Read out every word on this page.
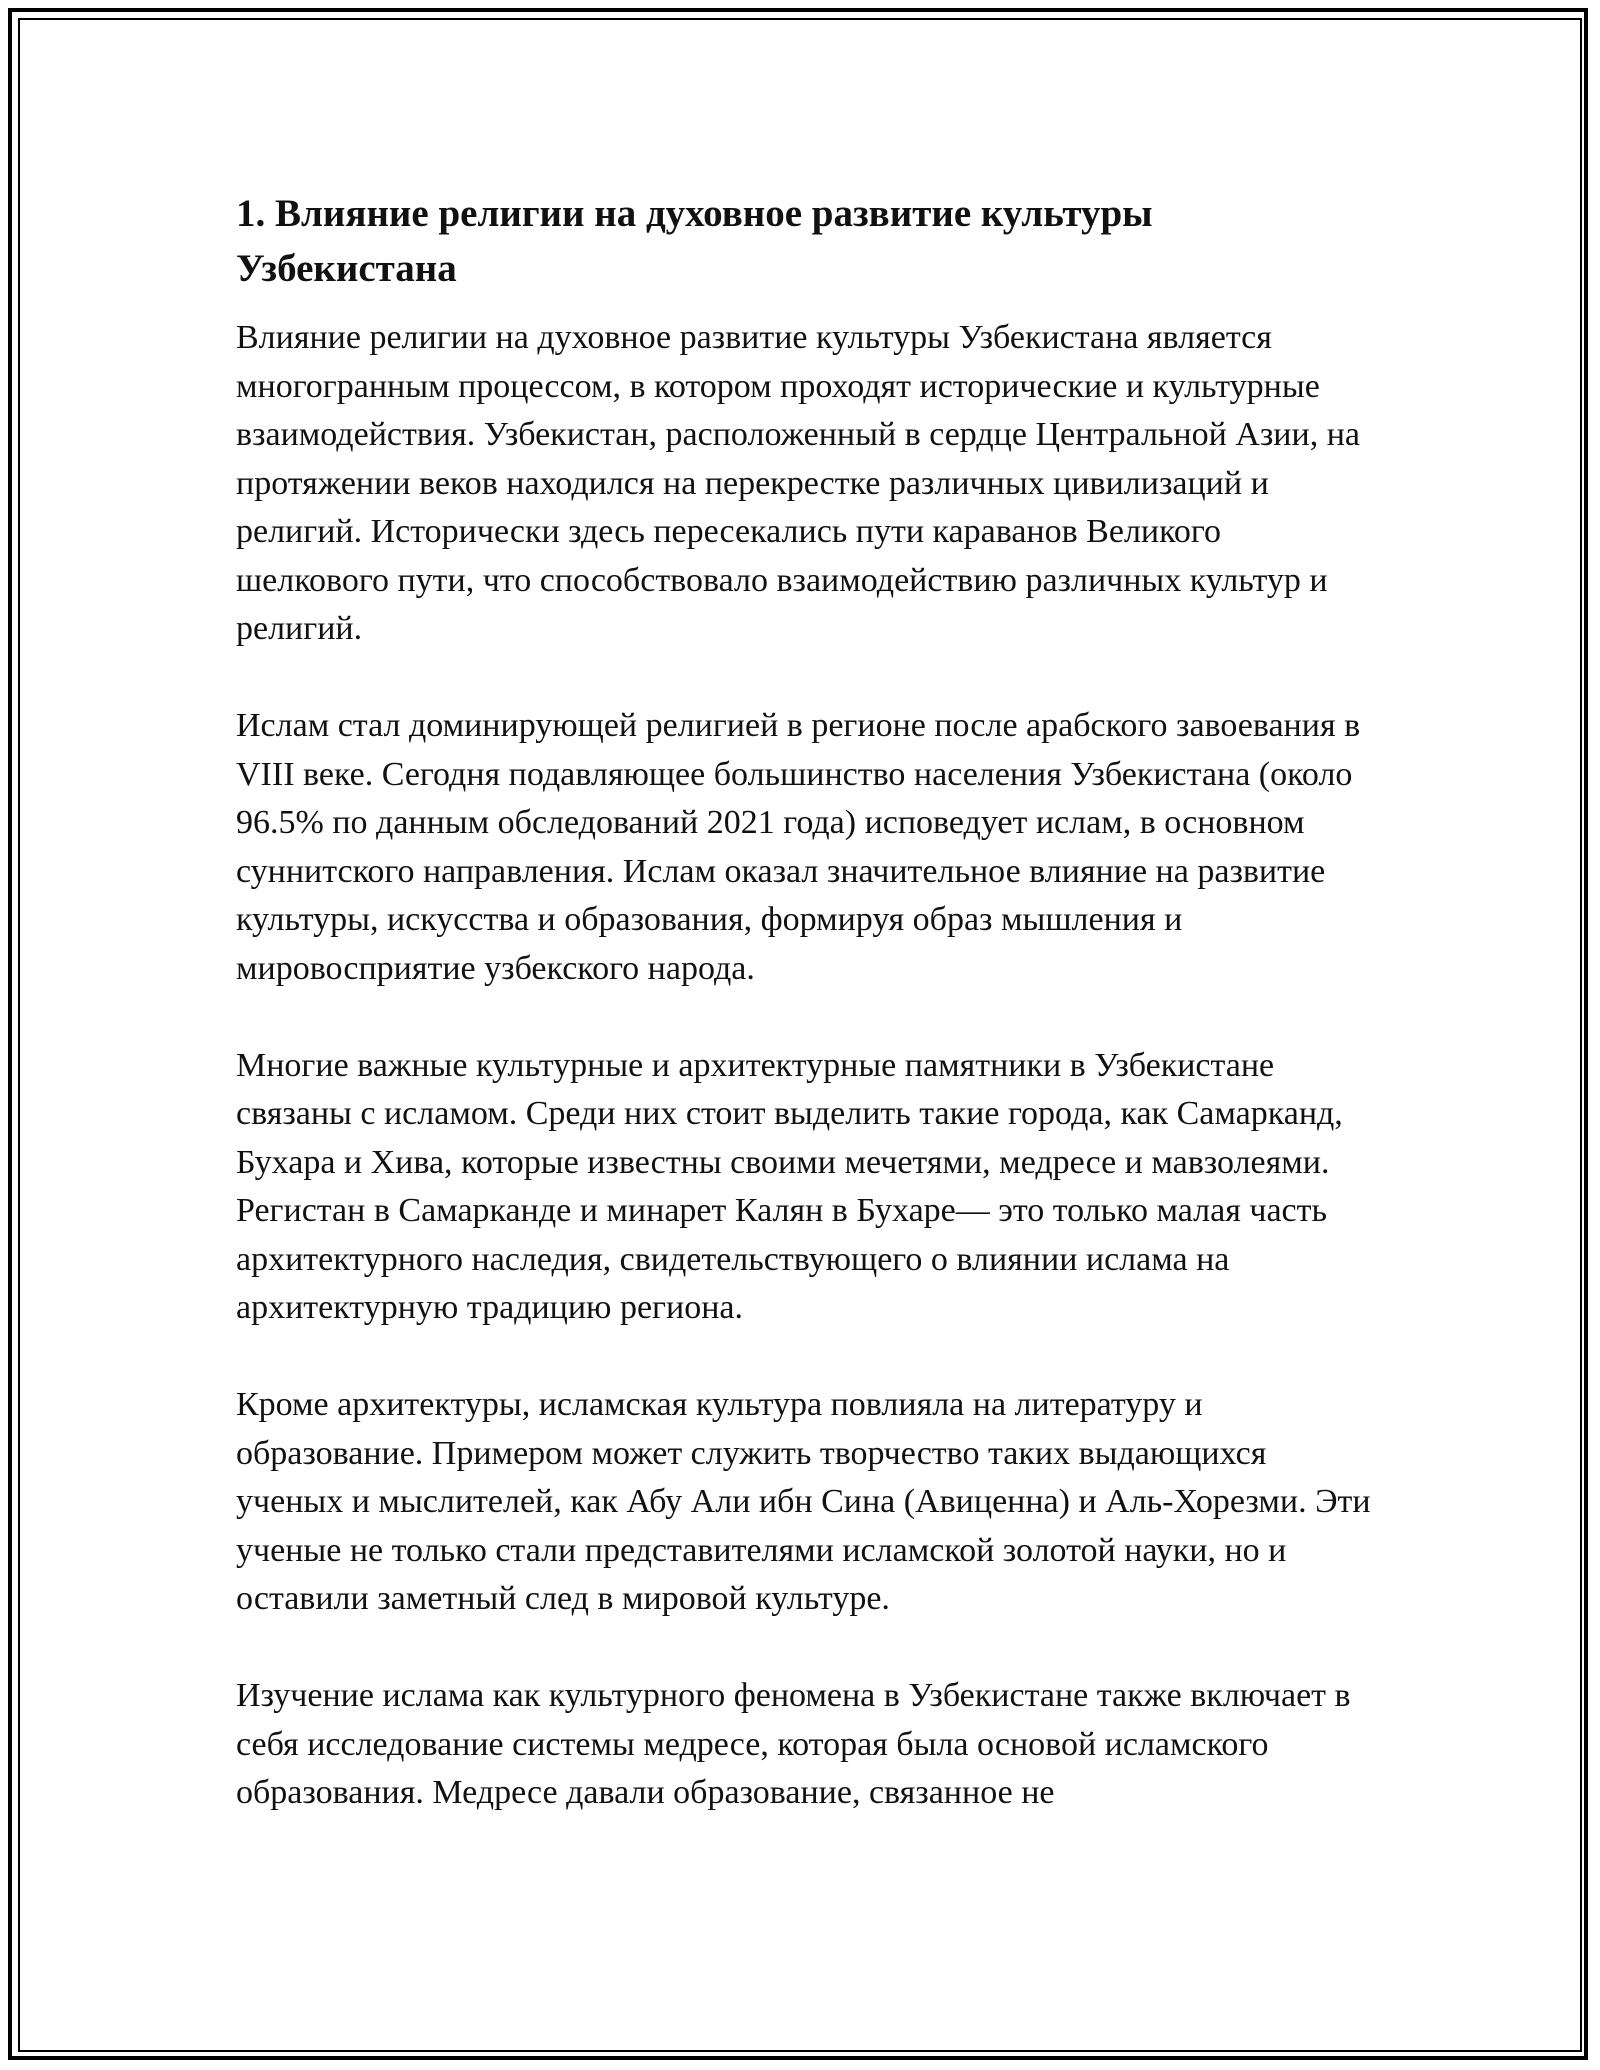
1. Влияние религии на духовное развитие культуры Узбекистана

Влияние религии на духовное развитие культуры Узбекистана является многогранным процессом, в котором проходят исторические и культурные взаимодействия. Узбекистан, расположенный в сердце Центральной Азии, на протяжении веков находился на перекрестке различных цивилизаций и религий. Исторически здесь пересекались пути караванов Великого шелкового пути, что способствовало взаимодействию различных культур и религий.

Ислам стал доминирующей религией в регионе после арабского завоевания в VIII веке. Сегодня подавляющее большинство населения Узбекистана (около 96.5% по данным обследований 2021 года) исповедует ислам, в основном суннитского направления. Ислам оказал значительное влияние на развитие культуры, искусства и образования, формируя образ мышления и мировосприятие узбекского народа.

Многие важные культурные и архитектурные памятники в Узбекистане связаны с исламом. Среди них стоит выделить такие города, как Самарканд, Бухара и Хива, которые известны своими мечетями, медресе и мавзолеями. Регистан в Самарканде и минарет Калян в Бухаре— это только малая часть архитектурного наследия, свидетельствующего о влиянии ислама на архитектурную традицию региона.

Кроме архитектуры, исламская культура повлияла на литературу и образование. Примером может служить творчество таких выдающихся ученых и мыслителей, как Абу Али ибн Сина (Авиценна) и Аль-Хорезми. Эти ученые не только стали представителями исламской золотой науки, но и оставили заметный след в мировой культуре.

Изучение ислама как культурного феномена в Узбекистане также включает в себя исследование системы медресе, которая была основой исламского образования. Медресе давали образование, связанное не
